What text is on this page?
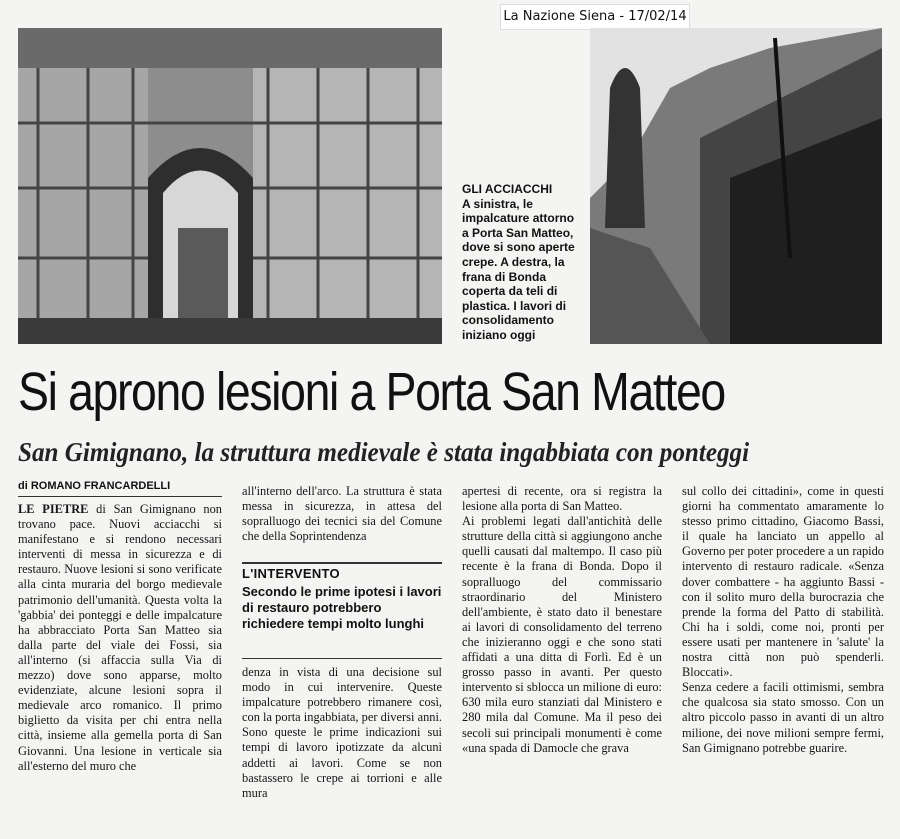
La Nazione Siena - 17/02/14
GLI ACCIACCHI
A sinistra, le impalcature attorno a Porta San Matteo, dove si sono aperte crepe. A destra, la frana di Bonda coperta da teli di plastica. I lavori di consolidamento iniziano oggi
Si aprono lesioni a Porta San Matteo
San Gimignano, la struttura medievale è stata ingabbiata con ponteggi
di ROMANO FRANCARDELLI

LE PIETRE di San Gimignano non trovano pace. Nuovi acciacchi si manifestano e si rendono necessari interventi di messa in sicurezza e di restauro. Nuove lesioni si sono verificate alla cinta muraria del borgo medievale patrimonio dell'umanità. Questa volta la 'gabbia' dei ponteggi e delle impalcature ha abbracciato Porta San Matteo sia dalla parte del viale dei Fossi, sia all'interno (si affaccia sulla Via di mezzo) dove sono apparse, molto evidenziate, alcune lesioni sopra il medievale arco romanico. Il primo biglietto da visita per chi entra nella città, insieme alla gemella porta di San Giovanni. Una lesione in verticale sia all'esterno del muro che

all'interno dell'arco. La struttura è stata messa in sicurezza, in attesa del sopralluogo dei tecnici sia del Comune che della Soprintendenza

L'INTERVENTO
Secondo le prime ipotesi i lavori di restauro potrebbero richiedere tempi molto lunghi

denza in vista di una decisione sul modo in cui intervenire. Queste impalcature potrebbero rimanere così, con la porta ingabbiata, per diversi anni. Sono queste le prime indicazioni sui tempi di lavoro ipotizzate da alcuni addetti ai lavori. Come se non bastassero le crepe ai torrioni e alle mura

apertesi di recente, ora si registra la lesione alla porta di San Matteo.

Ai problemi legati dall'antichità delle strutture della città si aggiungono anche quelli causati dal maltempo. Il caso più recente è la frana di Bonda. Dopo il sopralluogo del commissario straordinario del Ministero dell'ambiente, è stato dato il benestare ai lavori di consolidamento del terreno che inizieranno oggi e che sono stati affidati a una ditta di Forlì. Ed è un grosso passo in avanti. Per questo intervento si sblocca un milione di euro: 630 mila euro stanziati dal Ministero e 280 mila dal Comune. Ma il peso dei secoli sui principali monumenti è come «una spada di Damocle che grava

sul collo dei cittadini», come in questi giorni ha commentato amaramente lo stesso primo cittadino, Giacomo Bassi, il quale ha lanciato un appello al Governo per poter procedere a un rapido intervento di restauro radicale. «Senza dover combattere - ha aggiunto Bassi - con il solito muro della burocrazia che prende la forma del Patto di stabilità. Chi ha i soldi, come noi, pronti per essere usati per mantenere in 'salute' la nostra città non può spenderli. Bloccati».

Senza cedere a facili ottimismi, sembra che qualcosa sia stato smosso. Con un altro piccolo passo in avanti di un altro milione, dei nove milioni sempre fermi, San Gimignano potrebbe guarire.
